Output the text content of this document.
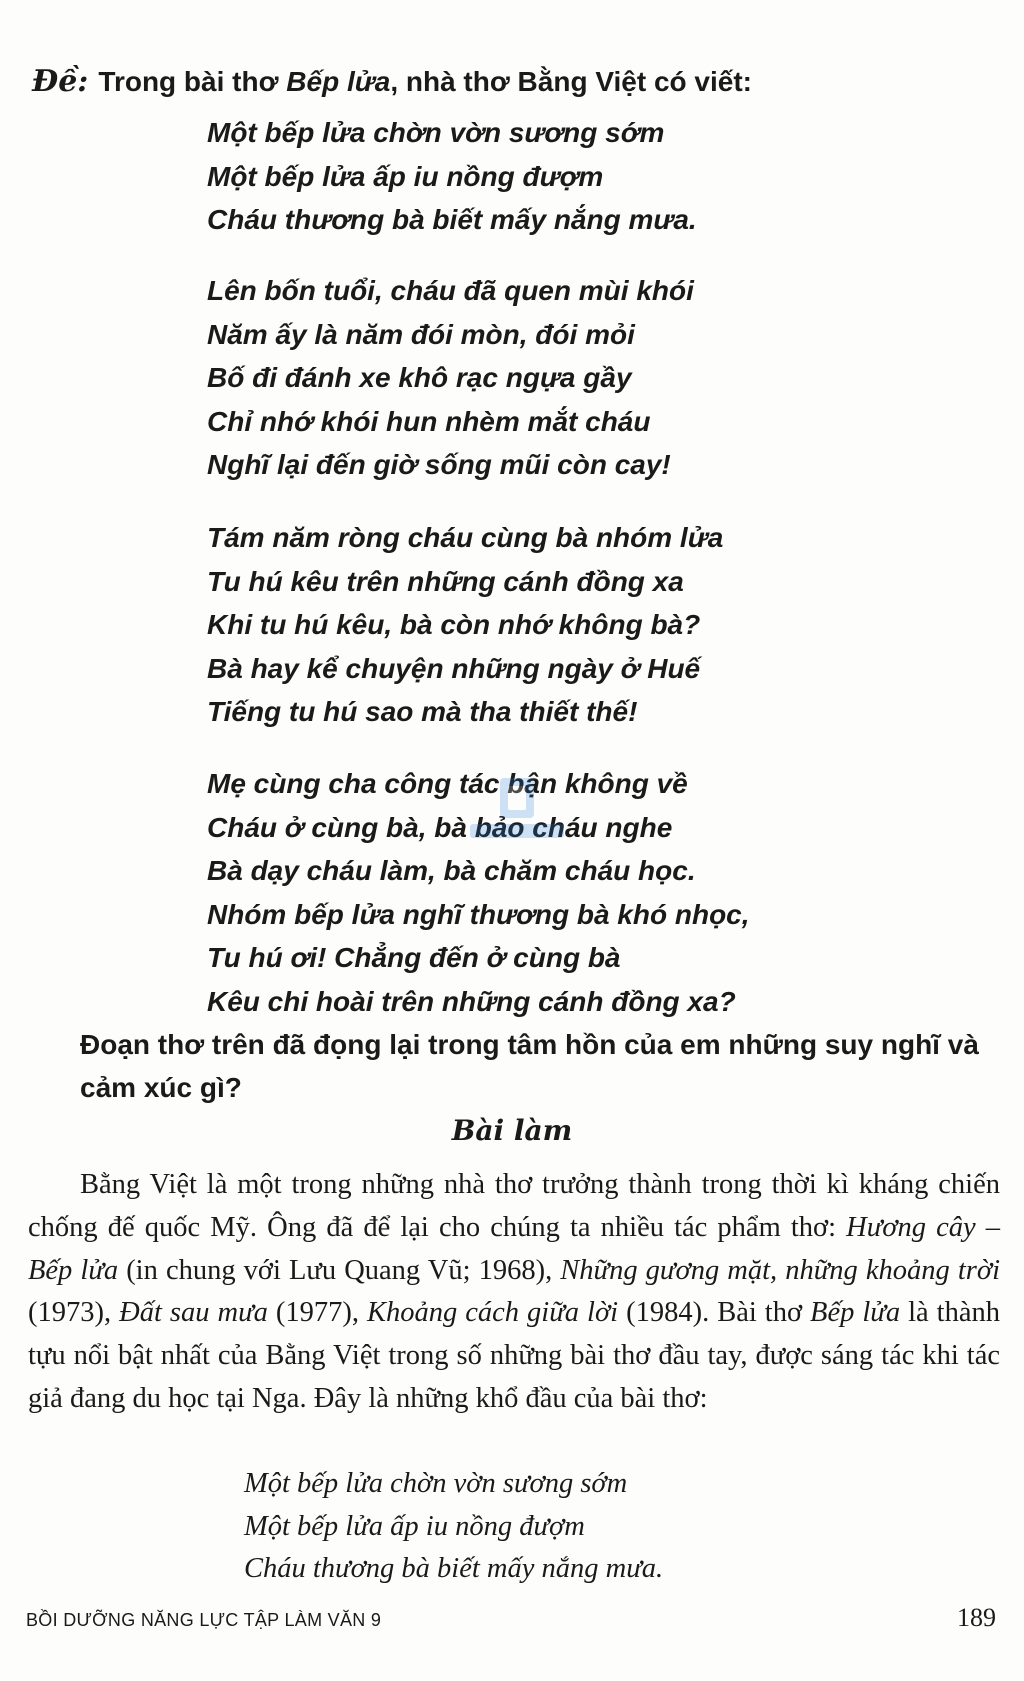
Đề: Trong bài thơ Bếp lửa, nhà thơ Bằng Việt có viết:
Một bếp lửa chờn vờn sương sớm
Một bếp lửa ấp iu nồng đượm
Cháu thương bà biết mấy nắng mưa.
Lên bốn tuổi, cháu đã quen mùi khói
Năm ấy là năm đói mòn, đói mỏi
Bố đi đánh xe khô rạc ngựa gầy
Chỉ nhớ khói hun nhèm mắt cháu
Nghĩ lại đến giờ sống mũi còn cay!
Tám năm ròng cháu cùng bà nhóm lửa
Tu hú kêu trên những cánh đồng xa
Khi tu hú kêu, bà còn nhớ không bà?
Bà hay kể chuyện những ngày ở Huế
Tiếng tu hú sao mà tha thiết thế!
Mẹ cùng cha công tác bận không về
Cháu ở cùng bà, bà bảo cháu nghe
Bà dạy cháu làm, bà chăm cháu học.
Nhóm bếp lửa nghĩ thương bà khó nhọc,
Tu hú ơi! Chẳng đến ở cùng bà
Kêu chi hoài trên những cánh đồng xa?
Đoạn thơ trên đã đọng lại trong tâm hồn của em những suy nghĩ và cảm xúc gì?
Bài làm
Bằng Việt là một trong những nhà thơ trưởng thành trong thời kì kháng chiến chống đế quốc Mỹ. Ông đã để lại cho chúng ta nhiều tác phẩm thơ: Hương cây – Bếp lửa (in chung với Lưu Quang Vũ; 1968), Những gương mặt, những khoảng trời (1973), Đất sau mưa (1977), Khoảng cách giữa lời (1984). Bài thơ Bếp lửa là thành tựu nổi bật nhất của Bằng Việt trong số những bài thơ đầu tay, được sáng tác khi tác giả đang du học tại Nga. Đây là những khổ đầu của bài thơ:
Một bếp lửa chờn vờn sương sớm
Một bếp lửa ấp iu nồng đượm
Cháu thương bà biết mấy nắng mưa.
BỒI DƯỠNG NĂNG LỰC TẬP LÀM VĂN 9	189
